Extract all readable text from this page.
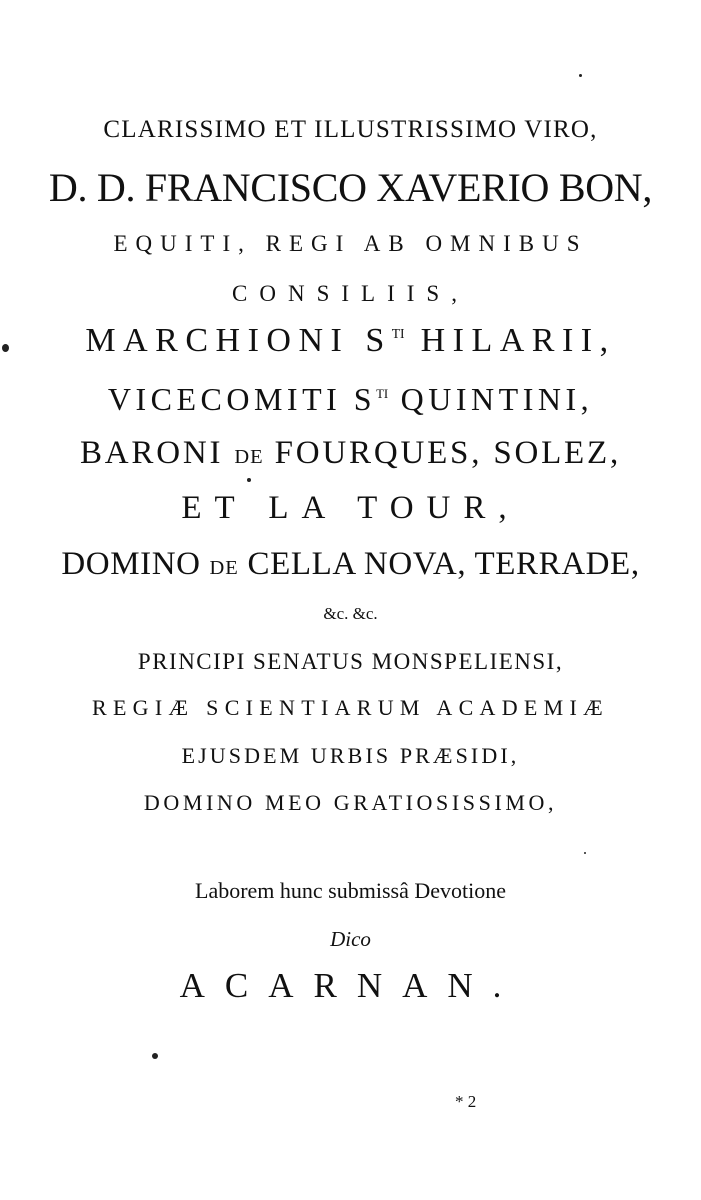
CLARISSIMO ET ILLUSTRISSIMO VIRO,
D. D. FRANCISCO XAVERIO BON,
EQUITI, REGI AB OMNIBUS
CONSILIIS,
MARCHIONI $S^{TI}$ HILARII,
VICECOMITI $S^{TI}$ QUINTINI,
BARONI DE FOURQUES, SOLEZ,
ET LA TOUR,
DOMINO DE CELLA NOVA, TERRADE,
&c. &c.
PRINCIPI SENATUS MONSPELIENSI,
REGIÆ SCIENTIARUM ACADEMIÆ
EJUSDEM URBIS PRÆSIDI,
DOMINO MEO GRATIOSISSIMO,
Laborem hunc submissâ Devotione
Dico
ACARNAN.
* 2
